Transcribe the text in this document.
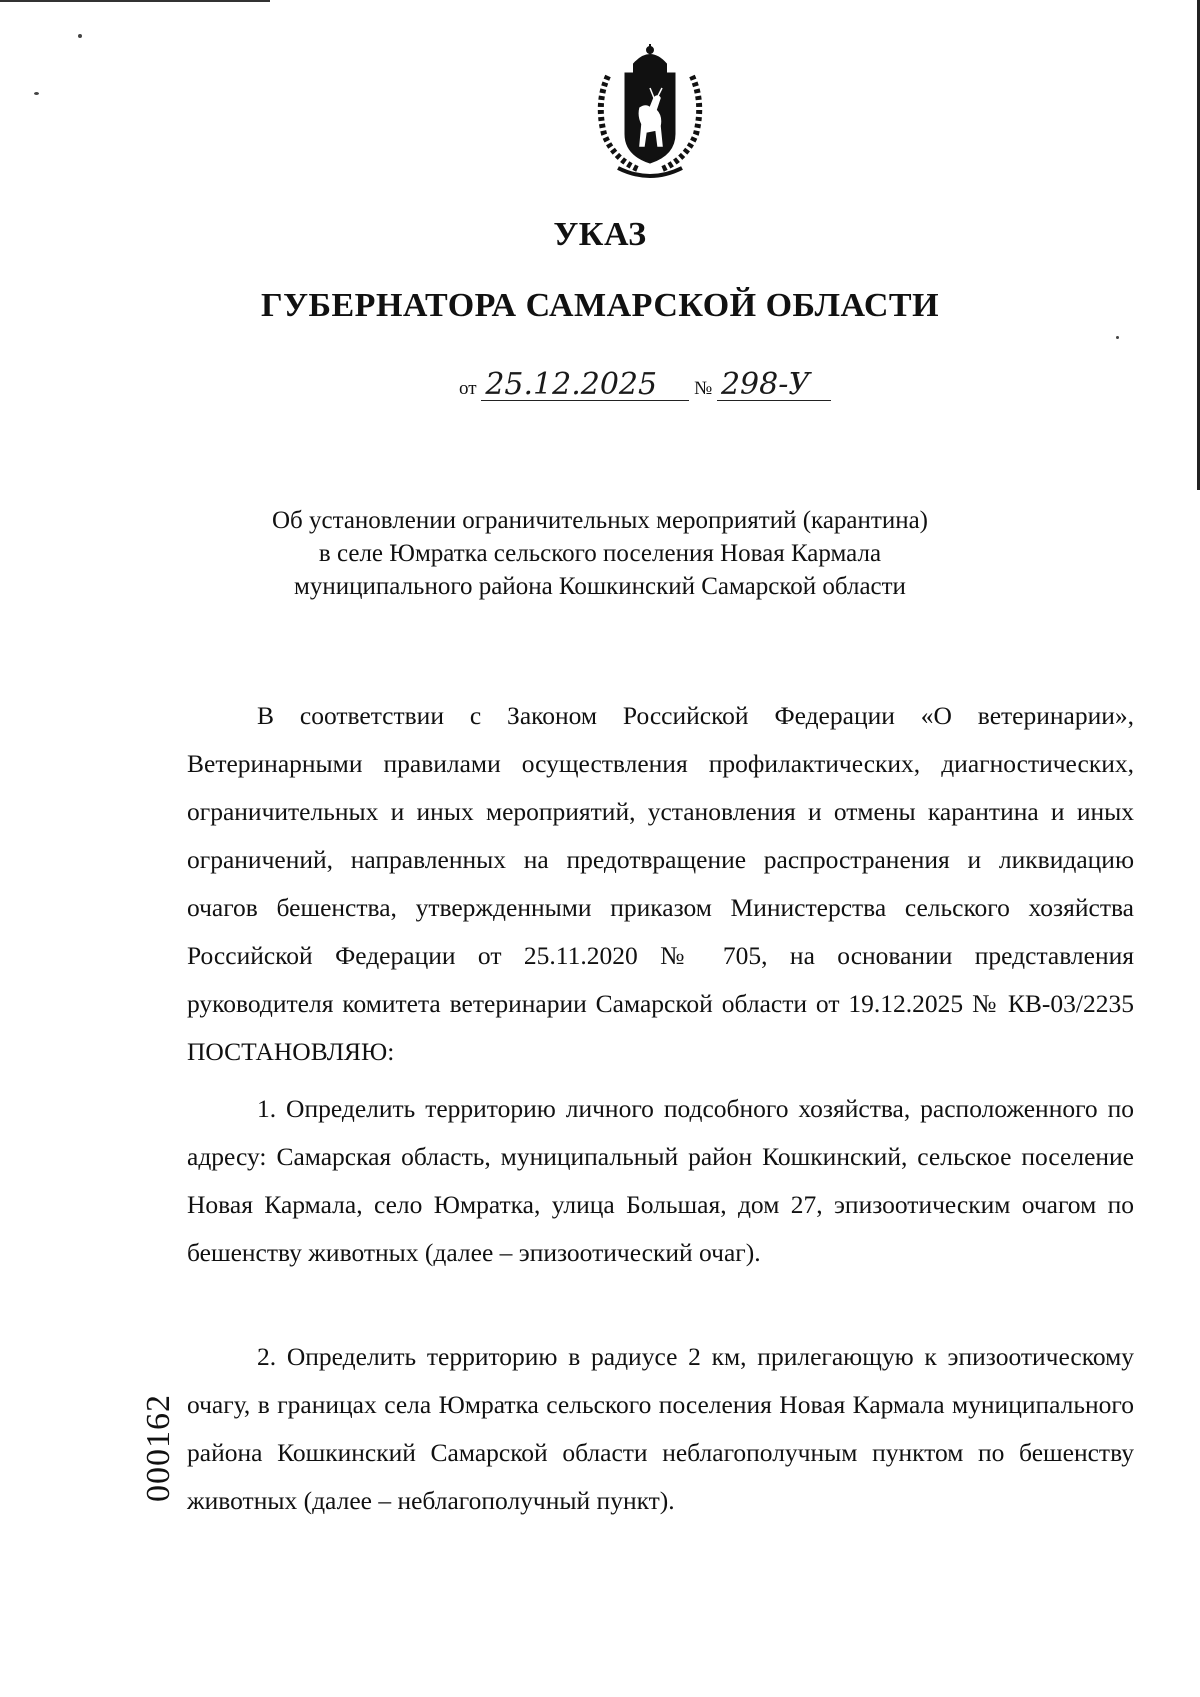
УКАЗ
ГУБЕРНАТОРА САМАРСКОЙ ОБЛАСТИ
от 25.12.2025 № 298-У
Об установлении ограничительных мероприятий (карантина)
в селе Юмратка сельского поселения Новая Кармала
муниципального района Кошкинский Самарской области

В соответствии с Законом Российской Федерации «О ветеринарии», Ветеринарными правилами осуществления профилактических, диагностических, ограничительных и иных мероприятий, установления и отмены карантина и иных ограничений, направленных на предотвращение распространения и ликвидацию очагов бешенства, утвержденными приказом Министерства сельского хозяйства Российской Федерации от 25.11.2020 № 705, на основании представления руководителя комитета ветеринарии Самарской области от 19.12.2025 № КВ-03/2235 ПОСТАНОВЛЯЮ:

1. Определить территорию личного подсобного хозяйства, расположенного по адресу: Самарская область, муниципальный район Кошкинский, сельское поселение Новая Кармала, село Юмратка, улица Большая, дом 27, эпизоотическим очагом по бешенству животных (далее – эпизоотический очаг).

2. Определить территорию в радиусе 2 км, прилегающую к эпизоотическому очагу, в границах села Юмратка сельского поселения Новая Кармала муниципального района Кошкинский Самарской области неблагополучным пунктом по бешенству животных (далее – неблагополучный пункт).

000162
